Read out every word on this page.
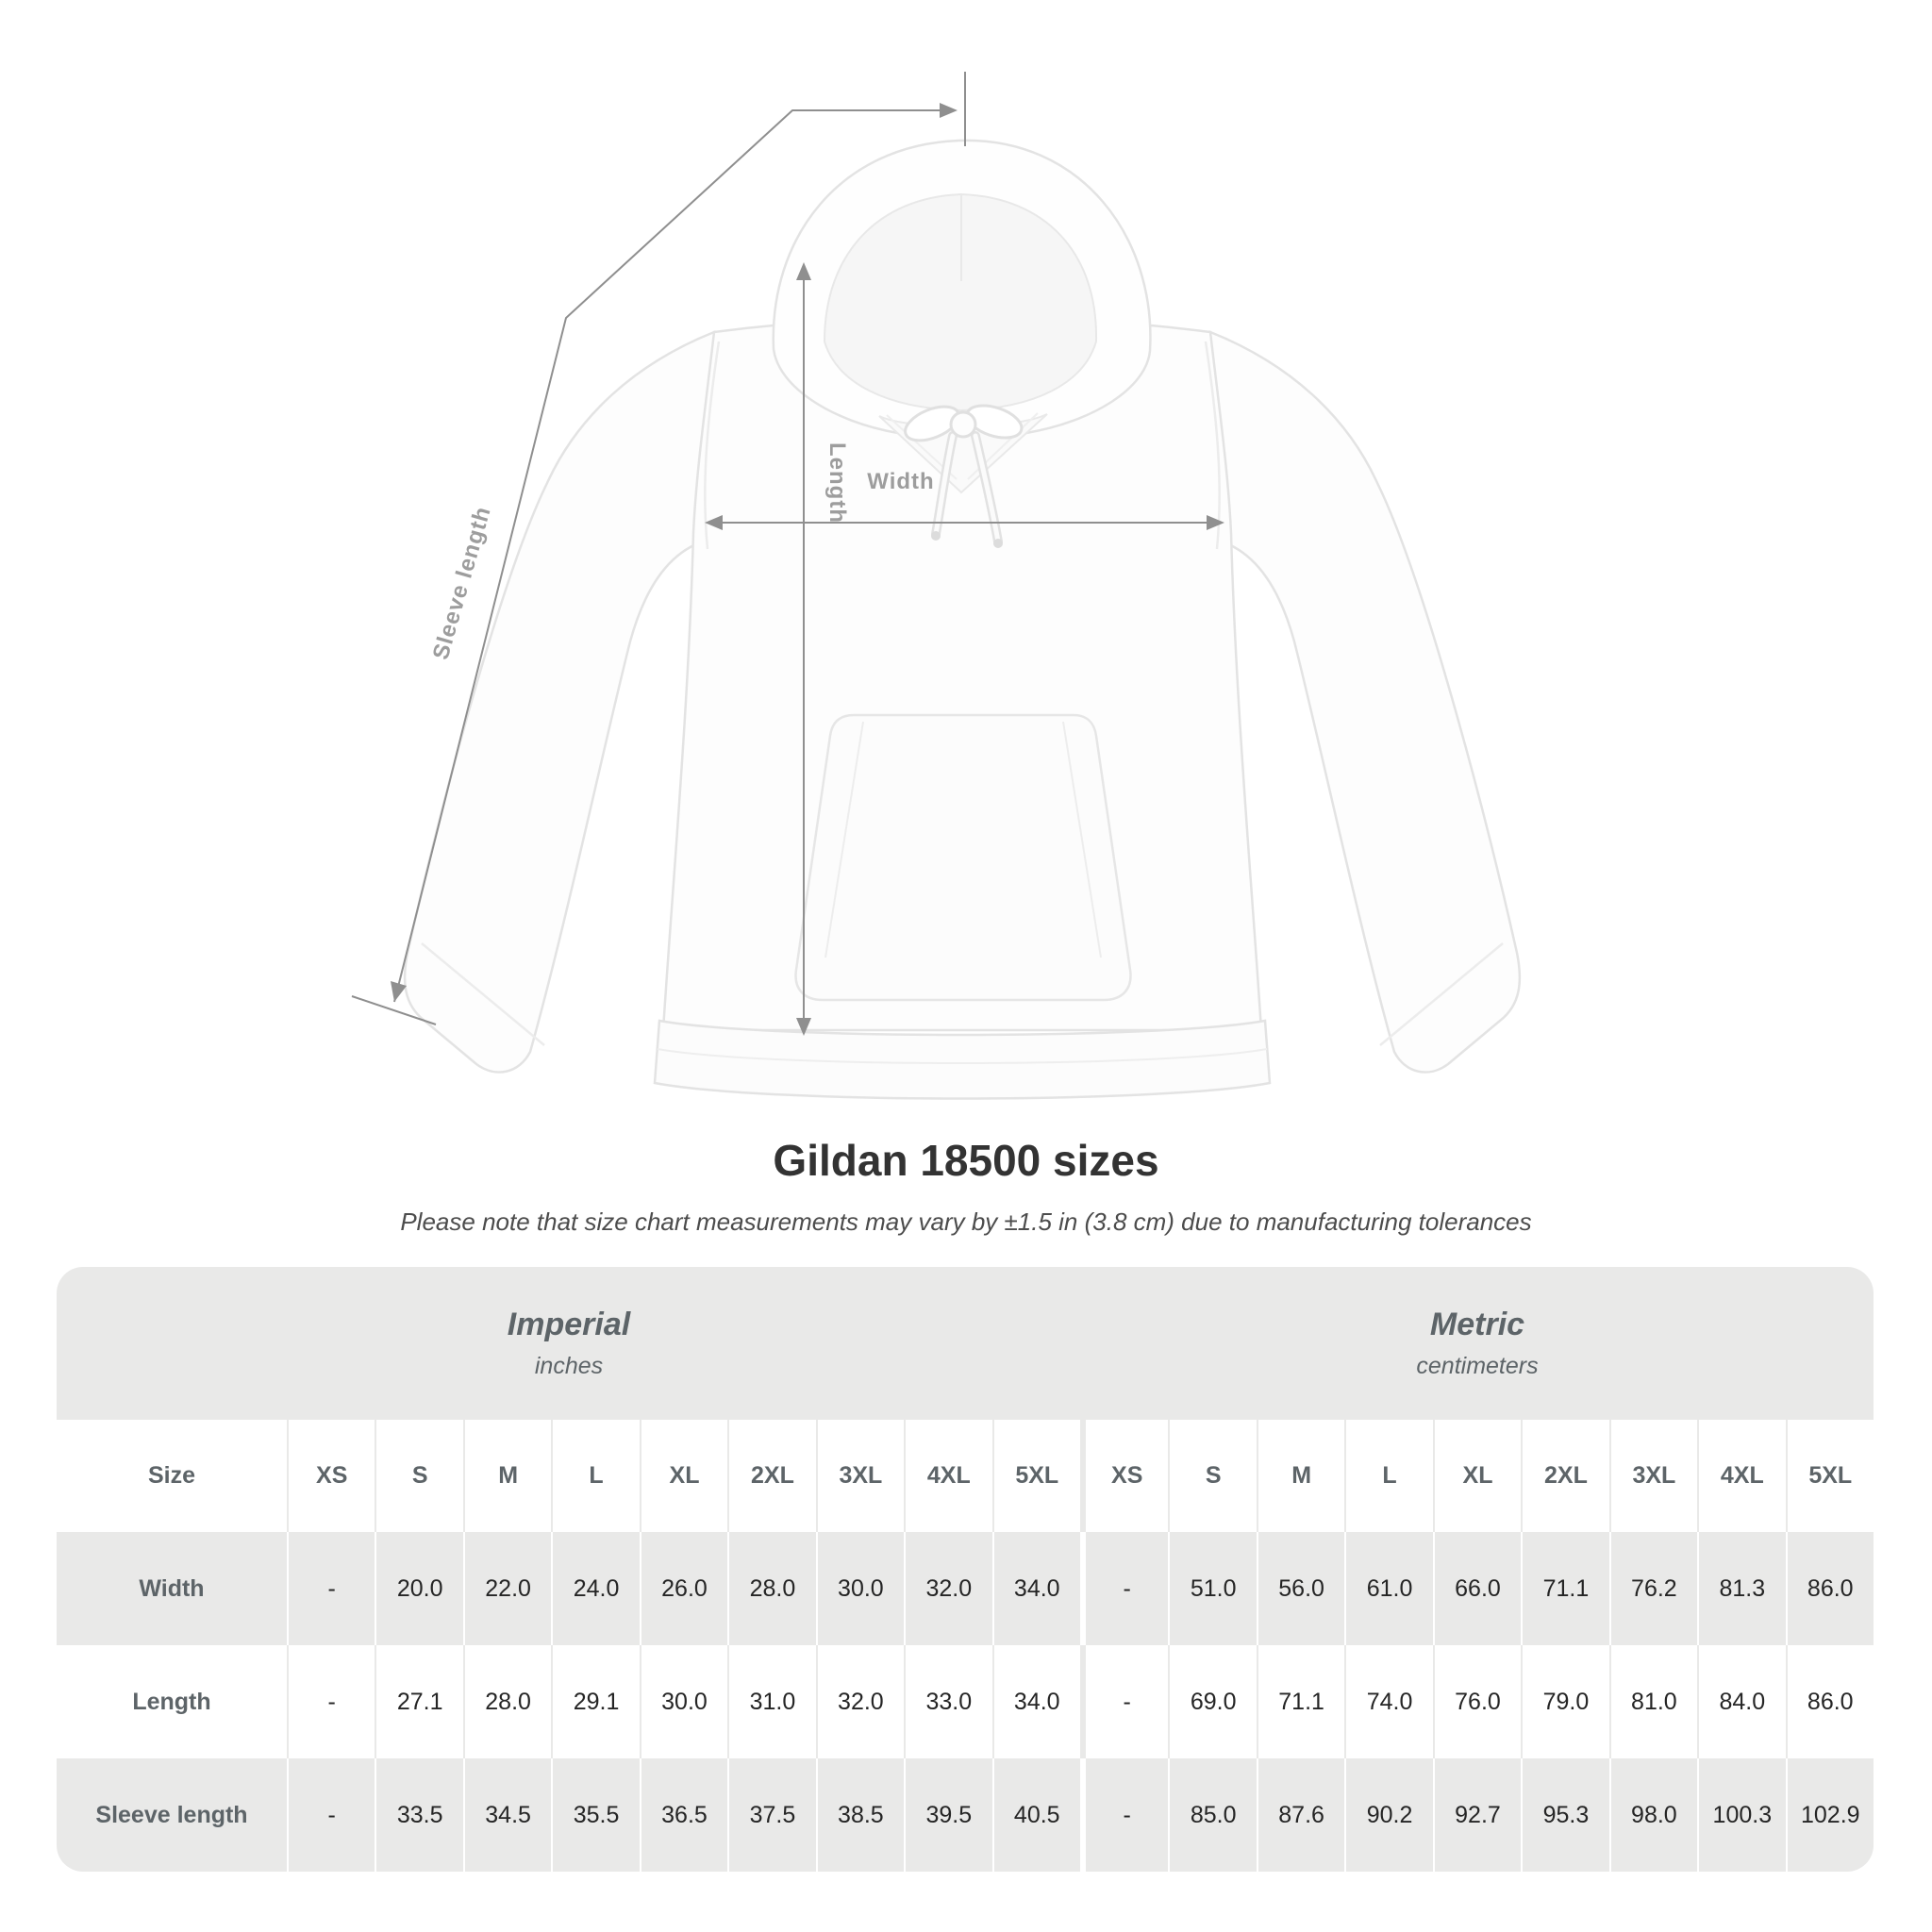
Width
Length
Sleeve length
Gildan 18500 sizes
Please note that size chart measurements may vary by ±1.5 in (3.8 cm) due to manufacturing tolerances
Imperial
inches
Metric
centimeters
Size	XS	S	M	L	XL	2XL	3XL	4XL	5XL	XS	S	M	L	XL	2XL	3XL	4XL	5XL
Width	-	20.0	22.0	24.0	26.0	28.0	30.0	32.0	34.0	-	51.0	56.0	61.0	66.0	71.1	76.2	81.3	86.0
Length	-	27.1	28.0	29.1	30.0	31.0	32.0	33.0	34.0	-	69.0	71.1	74.0	76.0	79.0	81.0	84.0	86.0
Sleeve length	-	33.5	34.5	35.5	36.5	37.5	38.5	39.5	40.5	-	85.0	87.6	90.2	92.7	95.3	98.0	100.3	102.9
